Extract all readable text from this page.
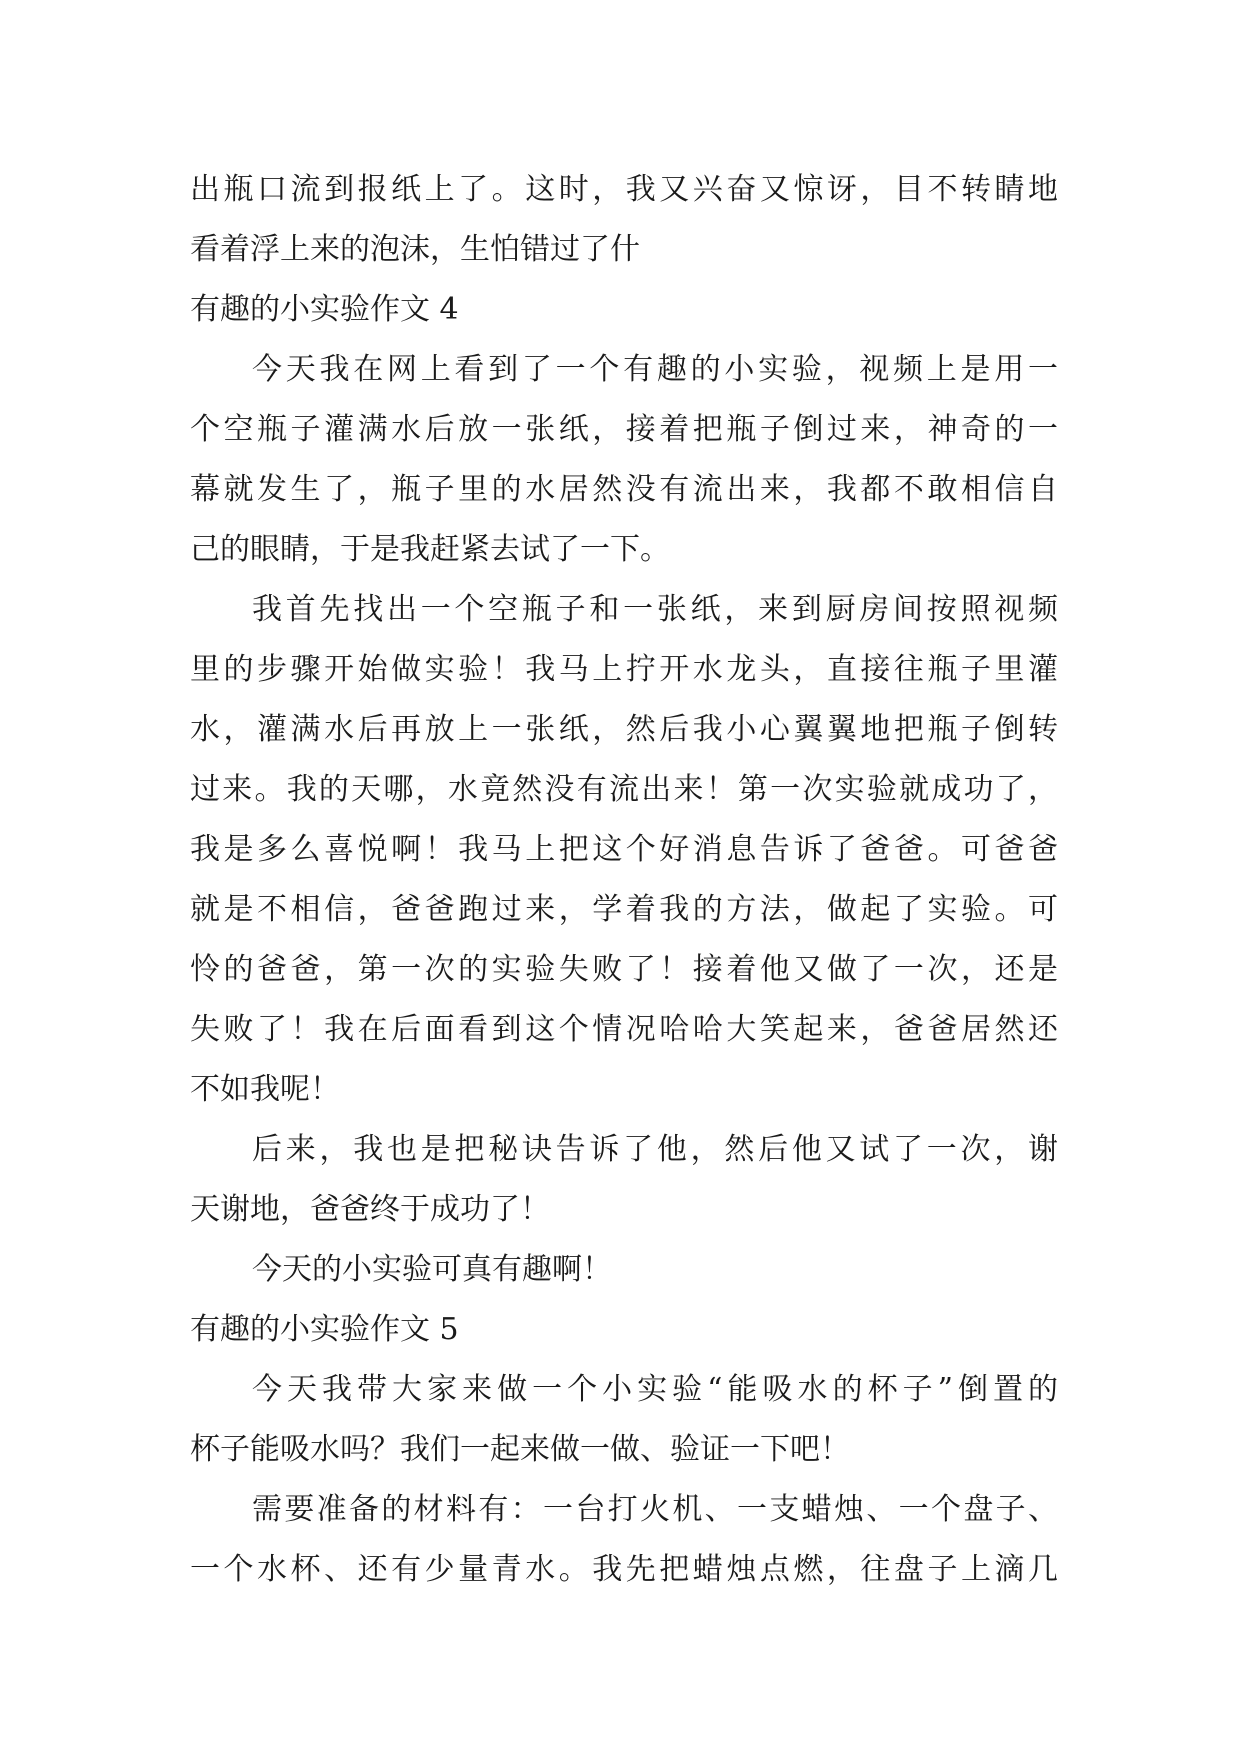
出瓶口流到报纸上了。这时，我又兴奋又惊讶，目不转睛地
看着浮上来的泡沫，生怕错过了什
有趣的小实验作文 4
今天我在网上看到了一个有趣的小实验，视频上是用一
个空瓶子灌满水后放一张纸，接着把瓶子倒过来，神奇的一
幕就发生了，瓶子里的水居然没有流出来，我都不敢相信自
己的眼睛，于是我赶紧去试了一下。
我首先找出一个空瓶子和一张纸，来到厨房间按照视频
里的步骤开始做实验！我马上拧开水龙头，直接往瓶子里灌
水，灌满水后再放上一张纸，然后我小心翼翼地把瓶子倒转
过来。我的天哪，水竟然没有流出来！第一次实验就成功了，
我是多么喜悦啊！我马上把这个好消息告诉了爸爸。可爸爸
就是不相信，爸爸跑过来，学着我的方法，做起了实验。可
怜的爸爸，第一次的实验失败了！接着他又做了一次，还是
失败了！我在后面看到这个情况哈哈大笑起来，爸爸居然还
不如我呢！
后来，我也是把秘诀告诉了他，然后他又试了一次，谢
天谢地，爸爸终于成功了！
今天的小实验可真有趣啊！
有趣的小实验作文 5
今天我带大家来做一个小实验“能吸水的杯子”倒置的
杯子能吸水吗？我们一起来做一做、验证一下吧！
需要准备的材料有：一台打火机、一支蜡烛、一个盘子、
一个水杯、还有少量青水。我先把蜡烛点燃，往盘子上滴几
